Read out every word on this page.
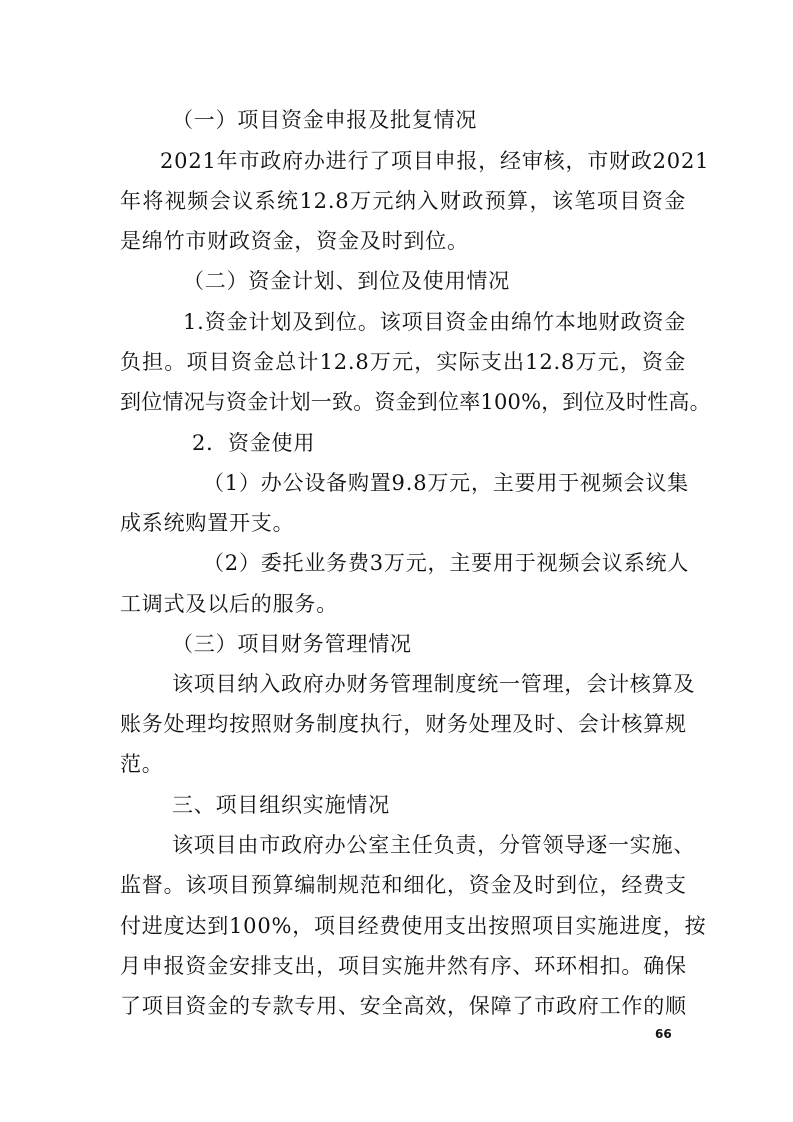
（一）项目资金申报及批复情况
2021年市政府办进行了项目申报，经审核，市财政2021
年将视频会议系统12.8万元纳入财政预算，该笔项目资金
是绵竹市财政资金，资金及时到位。
（二）资金计划、到位及使用情况
1.资金计划及到位。该项目资金由绵竹本地财政资金
负担。项目资金总计12.8万元，实际支出12.8万元，资金
到位情况与资金计划一致。资金到位率100%，到位及时性高。
2．资金使用
（1）办公设备购置9.8万元，主要用于视频会议集
成系统购置开支。
（2）委托业务费3万元，主要用于视频会议系统人
工调式及以后的服务。
（三）项目财务管理情况
该项目纳入政府办财务管理制度统一管理，会计核算及
账务处理均按照财务制度执行，财务处理及时、会计核算规
范。
三、项目组织实施情况
该项目由市政府办公室主任负责，分管领导逐一实施、
监督。该项目预算编制规范和细化，资金及时到位，经费支
付进度达到100%，项目经费使用支出按照项目实施进度，按
月申报资金安排支出，项目实施井然有序、环环相扣。确保
了项目资金的专款专用、安全高效，保障了市政府工作的顺
66
